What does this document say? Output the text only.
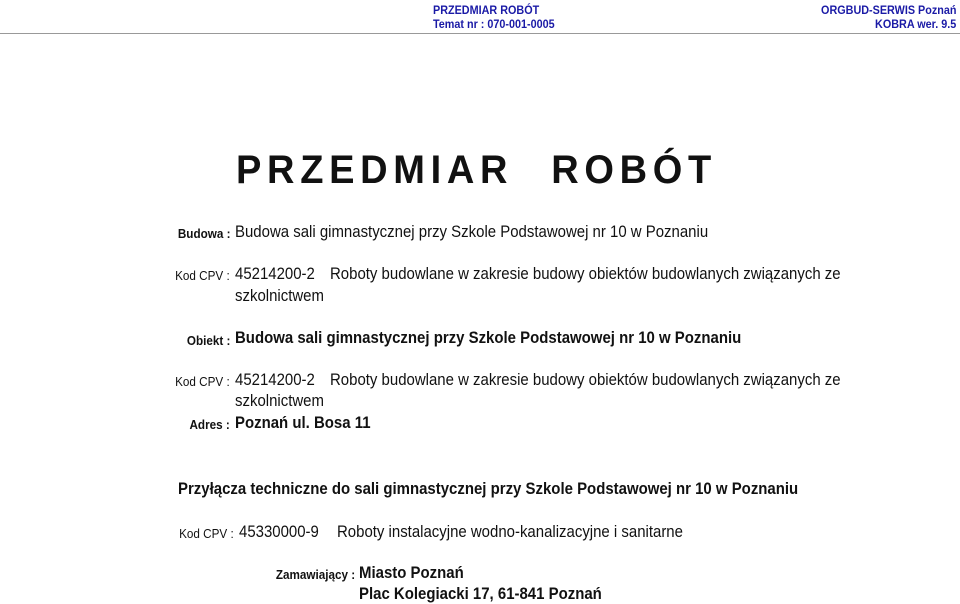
PRZEDMIAR ROBÓT
Temat nr : 070-001-0005
ORGBUD-SERWIS Poznań
KOBRA wer. 9.5
PRZEDMIAR ROBÓT
Budowa : Budowa sali gimnastycznej przy Szkole Podstawowej nr 10 w Poznaniu
Kod CPV : 45214200-2 Roboty budowlane w zakresie budowy obiektów budowlanych związanych ze
szkolnictwem
Obiekt : Budowa sali gimnastycznej przy Szkole Podstawowej nr 10 w Poznaniu
Kod CPV : 45214200-2 Roboty budowlane w zakresie budowy obiektów budowlanych związanych ze
szkolnictwem
Adres : Poznań ul. Bosa 11
Przyłącza techniczne do sali gimnastycznej przy Szkole Podstawowej nr 10 w Poznaniu
Kod CPV : 45330000-9 Roboty instalacyjne wodno-kanalizacyjne i sanitarne
Zamawiający : Miasto Poznań
Plac Kolegiacki 17, 61-841 Poznań
